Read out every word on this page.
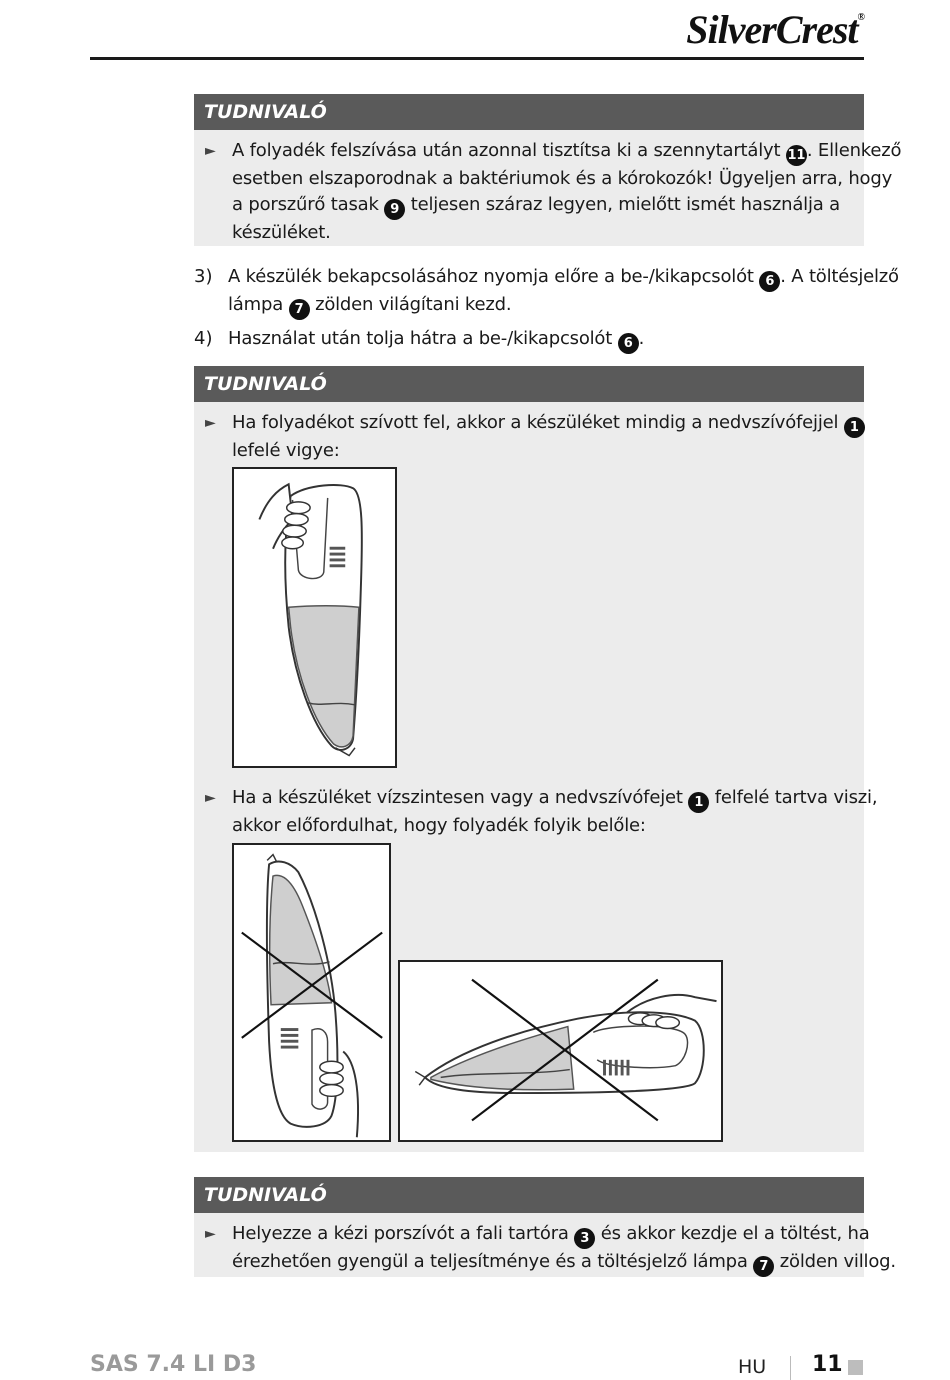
SilverCrest®
TUDNIVALÓ
► A folyadék felszívása után azonnal tisztítsa ki a szennytartályt 11. Ellenkező
esetben elszaporodnak a baktériumok és a kórokozók! Ügyeljen arra, hogy
a porszűrő tasak 9 teljesen száraz legyen, mielőtt ismét használja a
készüléket.
3) A készülék bekapcsolásához nyomja előre a be-/kikapcsolót 6 . A töltésjelző
lámpa 7 zölden világítani kezd.
4) Használat után tolja hátra a be-/kikapcsolót 6 .
TUDNIVALÓ
► Ha folyadékot szívott fel, akkor a készüléket mindig a nedvszívófejjel 1
lefelé vigye:
► Ha a készüléket vízszintesen vagy a nedvszívófejet 1 felfelé tartva viszi,
akkor előfordulhat, hogy folyadék folyik belőle:
TUDNIVALÓ
► Helyezze a kézi porszívót a fali tartóra 3 és akkor kezdje el a töltést, ha
érezhetően gyengül a teljesítménye és a töltésjelző lámpa 7 zölden villog.
SAS 7.4 LI D3	HU 11
